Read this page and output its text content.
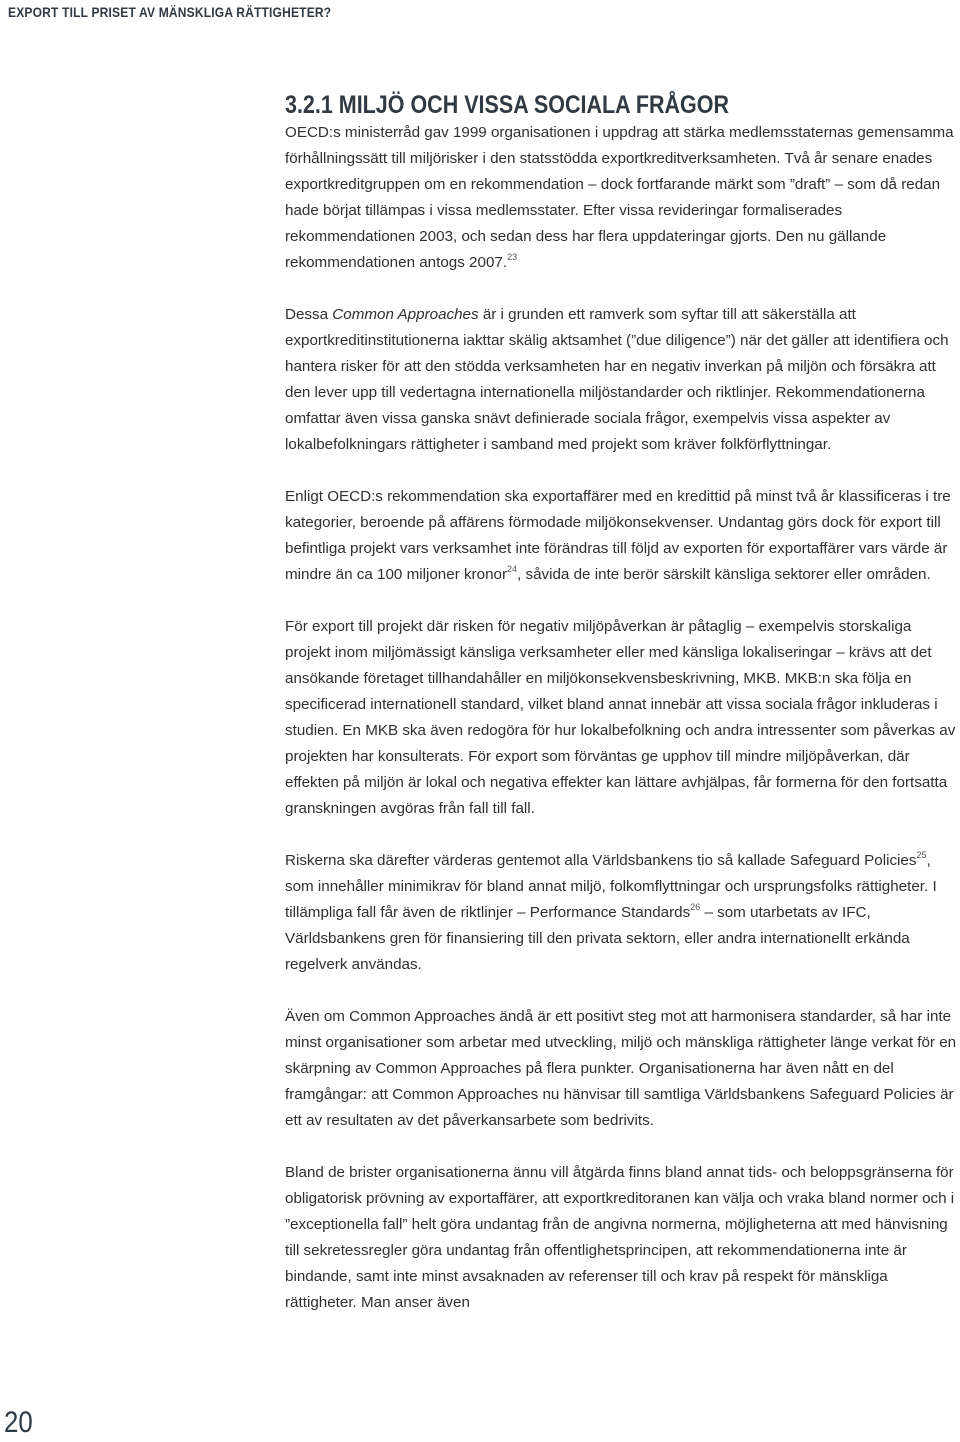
EXPORT TILL PRISET AV MÄNSKLIGA RÄTTIGHETER?
3.2.1 MILJÖ OCH VISSA SOCIALA FRÅGOR

OECD:s ministerråd gav 1999 organisationen i uppdrag att stärka medlemsstaternas gemensamma förhållningssätt till miljörisker i den statsstödda exportkreditverksamheten. Två år senare enades exportkreditgruppen om en rekommendation – dock fortfarande märkt som ”draft” – som då redan hade börjat tillämpas i vissa medlemsstater. Efter vissa revideringar formaliserades rekommendationen 2003, och sedan dess har flera uppdateringar gjorts. Den nu gällande rekommendationen antogs 2007.23

Dessa Common Approaches är i grunden ett ramverk som syftar till att säkerställa att exportkreditinstitutionerna iakttar skälig aktsamhet (”due diligence”) när det gäller att identifiera och hantera risker för att den stödda verksamheten har en negativ inverkan på miljön och försäkra att den lever upp till vedertagna internationella miljöstandarder och riktlinjer. Rekommendationerna omfattar även vissa ganska snävt definierade sociala frågor, exempelvis vissa aspekter av lokalbefolkningars rättigheter i samband med projekt som kräver folkförflyttningar.

Enligt OECD:s rekommendation ska exportaffärer med en kredittid på minst två år klassificeras i tre kategorier, beroende på affärens förmodade miljökonsekvenser. Undantag görs dock för export till befintliga projekt vars verksamhet inte förändras till följd av exporten för exportaffärer vars värde är mindre än ca 100 miljoner kronor$^{24}$, såvida de inte berör särskilt känsliga sektorer eller områden.

För export till projekt där risken för negativ miljöpåverkan är påtaglig – exempelvis storskaliga projekt inom miljömässigt känsliga verksamheter eller med känsliga lokaliseringar – krävs att det ansökande företaget tillhandahåller en miljökonsekvensbeskrivning, MKB. MKB:n ska följa en specificerad internationell standard, vilket bland annat innebär att vissa sociala frågor inkluderas i studien. En MKB ska även redogöra för hur lokalbefolkning och andra intressenter som påverkas av projekten har konsulterats. För export som förväntas ge upphov till mindre miljöpåverkan, där effekten på miljön är lokal och negativa effekter kan lättare avhjälpas, får formerna för den fortsatta granskningen avgöras från fall till fall.

Riskerna ska därefter värderas gentemot alla Världsbankens tio så kallade Safeguard Policies$^{25}$, som innehåller minimikrav för bland annat miljö, folkomflyttningar och ursprungsfolks rättigheter. I tillämpliga fall får även de riktlinjer – Performance Standards$^{26}$ – som utarbetats av IFC, Världsbankens gren för finansiering till den privata sektorn, eller andra internationellt erkända regelverk användas.

Även om Common Approaches ändå är ett positivt steg mot att harmonisera standarder, så har inte minst organisationer som arbetar med utveckling, miljö och mänskliga rättigheter länge verkat för en skärpning av Common Approaches på flera punkter. Organisationerna har även nått en del framgångar: att Common Approaches nu hänvisar till samtliga Världsbankens Safeguard Policies är ett av resultaten av det påverkansarbete som bedrivits.

Bland de brister organisationerna ännu vill åtgärda finns bland annat tids- och beloppsgränserna för obligatorisk prövning av exportaffärer, att exportkreditoranen kan välja och vraka bland normer och i ”exceptionella fall” helt göra undantag från de angivna normerna, möjligheterna att med hänvisning till sekretessregler göra undantag från offentlighetsprincipen, att rekommendationerna inte är bindande, samt inte minst avsaknaden av referenser till och krav på respekt för mänskliga rättigheter. Man anser även

20
